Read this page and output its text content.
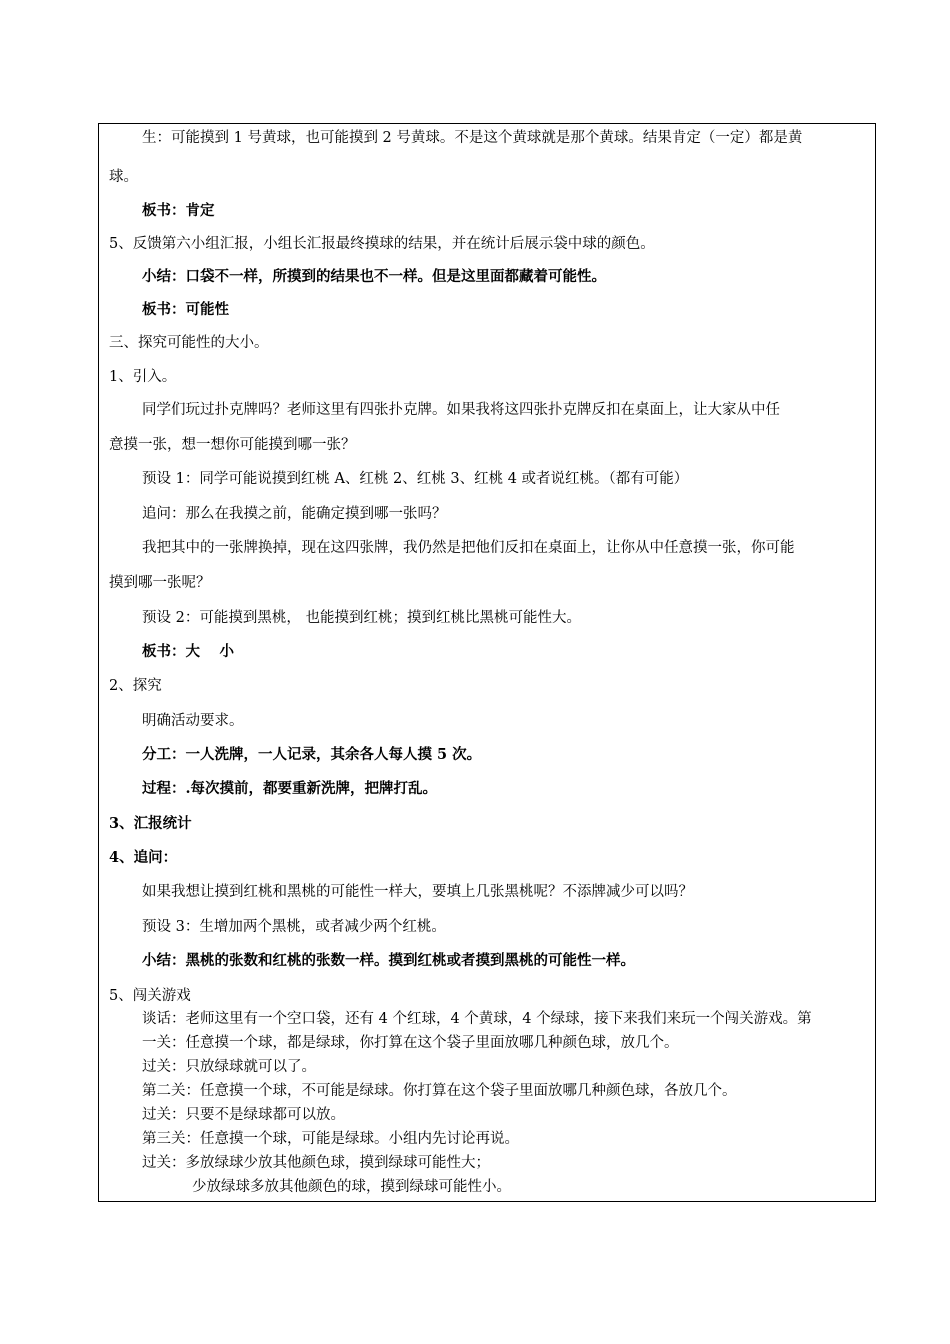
生：可能摸到 1 号黄球，也可能摸到 2 号黄球。不是这个黄球就是那个黄球。结果肯定（一定）都是黄
球。
板书：肯定
5、反馈第六小组汇报，小组长汇报最终摸球的结果，并在统计后展示袋中球的颜色。
小结：口袋不一样，所摸到的结果也不一样。但是这里面都藏着可能性。
板书：可能性
三、探究可能性的大小。
1、引入。
同学们玩过扑克牌吗？老师这里有四张扑克牌。如果我将这四张扑克牌反扣在桌面上，让大家从中任
意摸一张，想一想你可能摸到哪一张？
预设 1：同学可能说摸到红桃 A、红桃 2、红桃 3、红桃 4 或者说红桃。（都有可能）
追问：那么在我摸之前，能确定摸到哪一张吗？
我把其中的一张牌换掉，现在这四张牌，我仍然是把他们反扣在桌面上，让你从中任意摸一张，你可能
摸到哪一张呢？
预设 2：可能摸到黑桃， 也能摸到红桃；摸到红桃比黑桃可能性大。
板书：大　 小
2、探究
明确活动要求。
分工：一人洗牌，一人记录，其余各人每人摸 5 次。
过程：.每次摸前，都要重新洗牌，把牌打乱。
3、汇报统计
4、追问：
如果我想让摸到红桃和黑桃的可能性一样大，要填上几张黑桃呢？不添牌减少可以吗？
预设 3：生增加两个黑桃，或者减少两个红桃。
小结：黑桃的张数和红桃的张数一样。摸到红桃或者摸到黑桃的可能性一样。
5、闯关游戏
谈话：老师这里有一个空口袋，还有 4 个红球，4 个黄球，4 个绿球，接下来我们来玩一个闯关游戏。第
一关：任意摸一个球，都是绿球，你打算在这个袋子里面放哪几种颜色球，放几个。
过关：只放绿球就可以了。
第二关：任意摸一个球，不可能是绿球。你打算在这个袋子里面放哪几种颜色球，各放几个。
过关：只要不是绿球都可以放。
第三关：任意摸一个球，可能是绿球。小组内先讨论再说。
过关：多放绿球少放其他颜色球，摸到绿球可能性大；
少放绿球多放其他颜色的球，摸到绿球可能性小。
